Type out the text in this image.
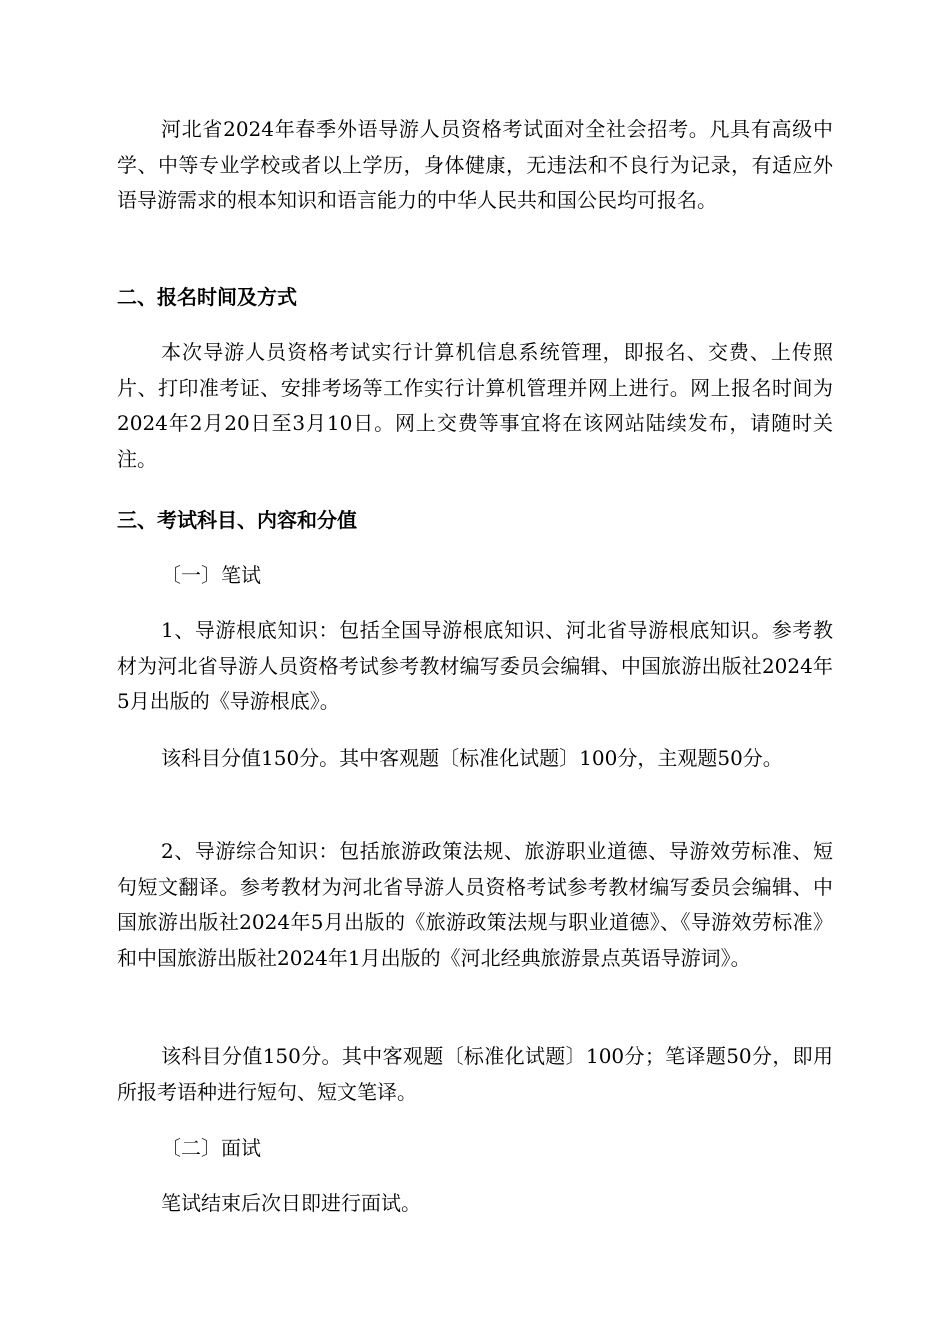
河北省2024年春季外语导游人员资格考试面对全社会招考。凡具有高级中学、中等专业学校或者以上学历，身体健康，无违法和不良行为记录，有适应外语导游需求的根本知识和语言能力的中华人民共和国公民均可报名。

二、报名时间及方式

本次导游人员资格考试实行计算机信息系统管理，即报名、交费、上传照片、打印准考证、安排考场等工作实行计算机管理并网上进行。网上报名时间为2024年2月20日至3月10日。网上交费等事宜将在该网站陆续发布，请随时关注。

三、考试科目、内容和分值

〔一〕笔试

1、导游根底知识：包括全国导游根底知识、河北省导游根底知识。参考教材为河北省导游人员资格考试参考教材编写委员会编辑、中国旅游出版社2024年5月出版的《导游根底》。

该科目分值150分。其中客观题〔标准化试题〕100分，主观题50分。

2、导游综合知识：包括旅游政策法规、旅游职业道德、导游效劳标准、短句短文翻译。参考教材为河北省导游人员资格考试参考教材编写委员会编辑、中国旅游出版社2024年5月出版的《旅游政策法规与职业道德》、《导游效劳标准》和中国旅游出版社2024年1月出版的《河北经典旅游景点英语导游词》。

该科目分值150分。其中客观题〔标准化试题〕100分；笔译题50分，即用所报考语种进行短句、短文笔译。

〔二〕面试

笔试结束后次日即进行面试。
